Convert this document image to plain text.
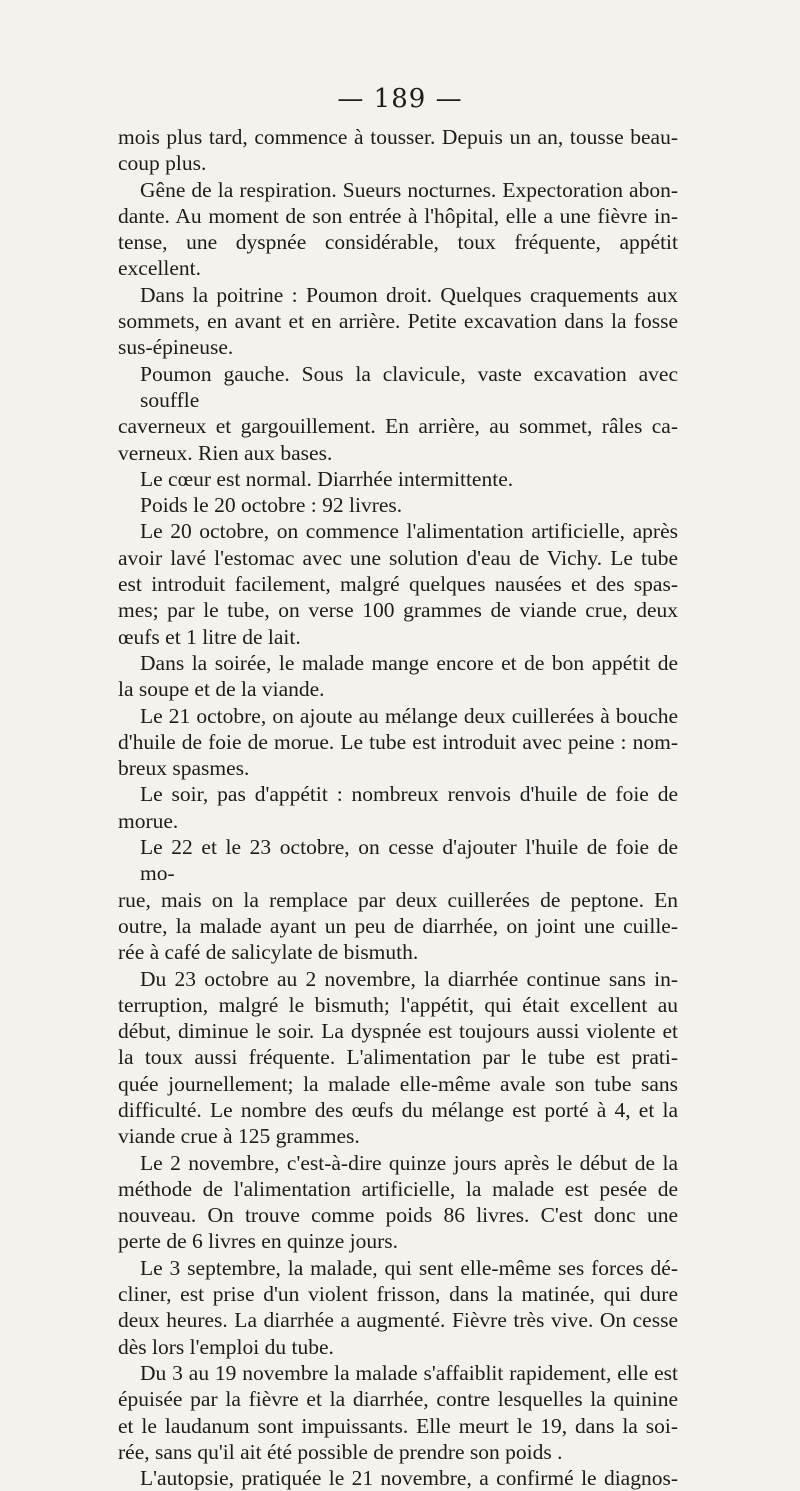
— 189 —
mois plus tard, commence à tousser. Depuis un an, tousse beau-
coup plus.
Gêne de la respiration. Sueurs nocturnes. Expectoration abon-
dante. Au moment de son entrée à l'hôpital, elle a une fièvre in-
tense, une dyspnée considérable, toux fréquente, appétit excellent.
Dans la poitrine : Poumon droit. Quelques craquements aux
sommets, en avant et en arrière. Petite excavation dans la fosse
sus-épineuse.
Poumon gauche. Sous la clavicule, vaste excavation avec souffle
caverneux et gargouillement. En arrière, au sommet, râles ca-
verneux. Rien aux bases.
Le cœur est normal. Diarrhée intermittente.
Poids le 20 octobre : 92 livres.
Le 20 octobre, on commence l'alimentation artificielle, après
avoir lavé l'estomac avec une solution d'eau de Vichy. Le tube
est introduit facilement, malgré quelques nausées et des spas-
mes; par le tube, on verse 100 grammes de viande crue, deux
œufs et 1 litre de lait.
Dans la soirée, le malade mange encore et de bon appétit de
la soupe et de la viande.
Le 21 octobre, on ajoute au mélange deux cuillerées à bouche
d'huile de foie de morue. Le tube est introduit avec peine : nom-
breux spasmes.
Le soir, pas d'appétit : nombreux renvois d'huile de foie de
morue.
Le 22 et le 23 octobre, on cesse d'ajouter l'huile de foie de mo-
rue, mais on la remplace par deux cuillerées de peptone. En
outre, la malade ayant un peu de diarrhée, on joint une cuille-
rée à café de salicylate de bismuth.
Du 23 octobre au 2 novembre, la diarrhée continue sans in-
terruption, malgré le bismuth; l'appétit, qui était excellent au
début, diminue le soir. La dyspnée est toujours aussi violente et
la toux aussi fréquente. L'alimentation par le tube est prati-
quée journellement; la malade elle-même avale son tube sans
difficulté. Le nombre des œufs du mélange est porté à 4, et la
viande crue à 125 grammes.
Le 2 novembre, c'est-à-dire quinze jours après le début de la
méthode de l'alimentation artificielle, la malade est pesée de
nouveau. On trouve comme poids 86 livres. C'est donc une
perte de 6 livres en quinze jours.
Le 3 septembre, la malade, qui sent elle-même ses forces dé-
cliner, est prise d'un violent frisson, dans la matinée, qui dure
deux heures. La diarrhée a augmenté. Fièvre très vive. On cesse
dès lors l'emploi du tube.
Du 3 au 19 novembre la malade s'affaiblit rapidement, elle est
épuisée par la fièvre et la diarrhée, contre lesquelles la quinine
et le laudanum sont impuissants. Elle meurt le 19, dans la soi-
rée, sans qu'il ait été possible de prendre son poids .
L'autopsie, pratiquée le 21 novembre, a confirmé le diagnos-
